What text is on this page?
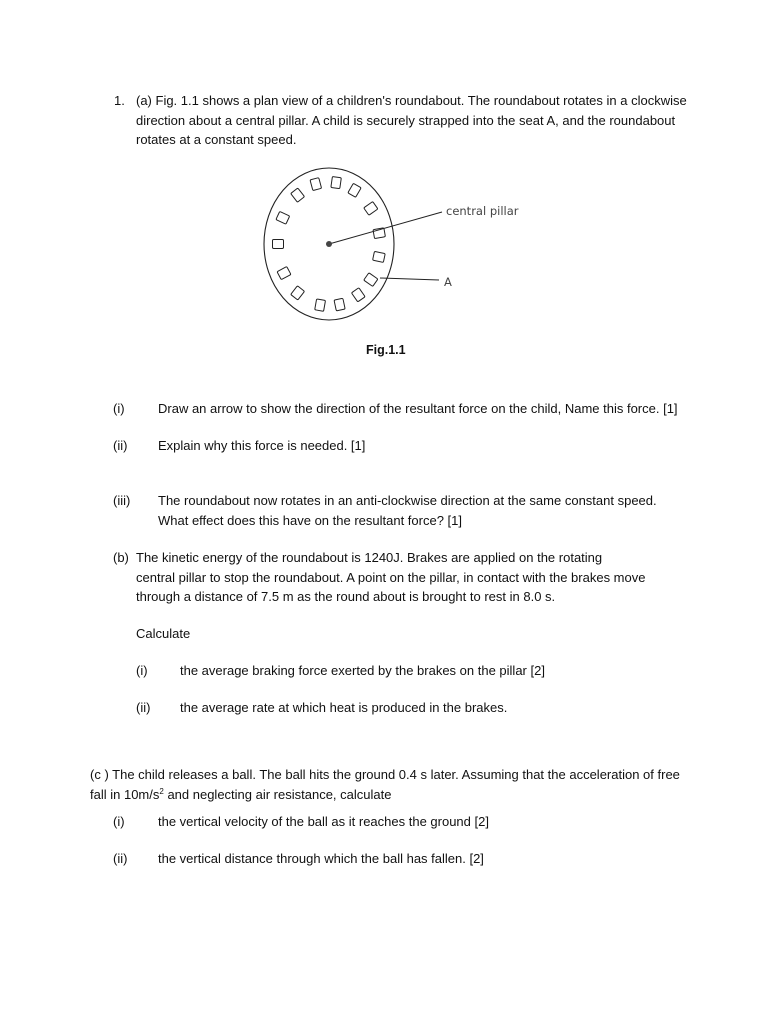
1. (a) Fig. 1.1 shows a plan view of a children's roundabout. The roundabout rotates in a clockwise
direction about a central pillar. A child is securely strapped into the seat A, and the roundabout
rotates at a constant speed.
central pillar
A
Fig.1.1
(i)	Draw an arrow to show the direction of the resultant force on the child, Name this force. [1]
(ii) Explain why this force is needed. [1]
(iii) The roundabout now rotates in an anti-clockwise direction at the same constant speed.
What effect does this have on the resultant force? [1]
(b) The kinetic energy of the roundabout is 1240J. Brakes are applied on the rotating
central pillar to stop the roundabout. A point on the pillar, in contact with the brakes move
through a distance of 7.5 m as the round about is brought to rest in 8.0 s.
Calculate
(i) the average braking force exerted by the brakes on the pillar [2]
(ii) the average rate at which heat is produced in the brakes.
(c ) The child releases a ball. The ball hits the ground 0.4 s later. Assuming that the acceleration of free
fall in $10m/s^2$ and neglecting air resistance, calculate
(i)	the vertical velocity of the ball as it reaches the ground [2]
(ii) the vertical distance through which the ball has fallen. [2]
